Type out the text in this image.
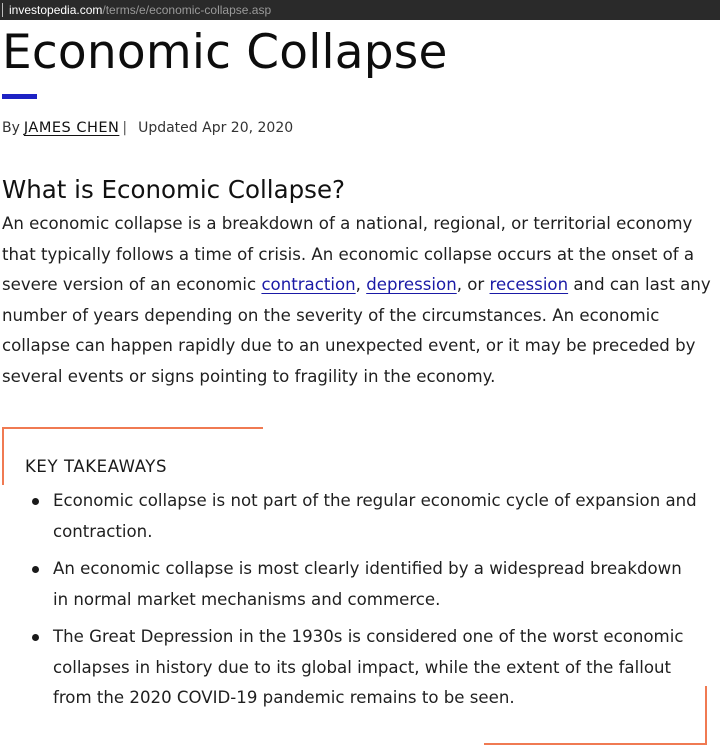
investopedia.com /terms/e/economic-collapse.asp
Economic Collapse
By JAMES CHEN | Updated Apr 20, 2020
What is Economic Collapse?

An economic collapse is a breakdown of a national, regional, or territorial economy that typically follows a time of crisis. An economic collapse occurs at the onset of a severe version of an economic contraction, depression, or recession and can last any number of years depending on the severity of the circumstances. An economic collapse can happen rapidly due to an unexpected event, or it may be preceded by several events or signs pointing to fragility in the economy.

KEY TAKEAWAYS
Economic collapse is not part of the regular economic cycle of expansion and contraction.
An economic collapse is most clearly identified by a widespread breakdown in normal market mechanisms and commerce.
The Great Depression in the 1930s is considered one of the worst economic collapses in history due to its global impact, while the extent of the fallout from the 2020 COVID-19 pandemic remains to be seen.
